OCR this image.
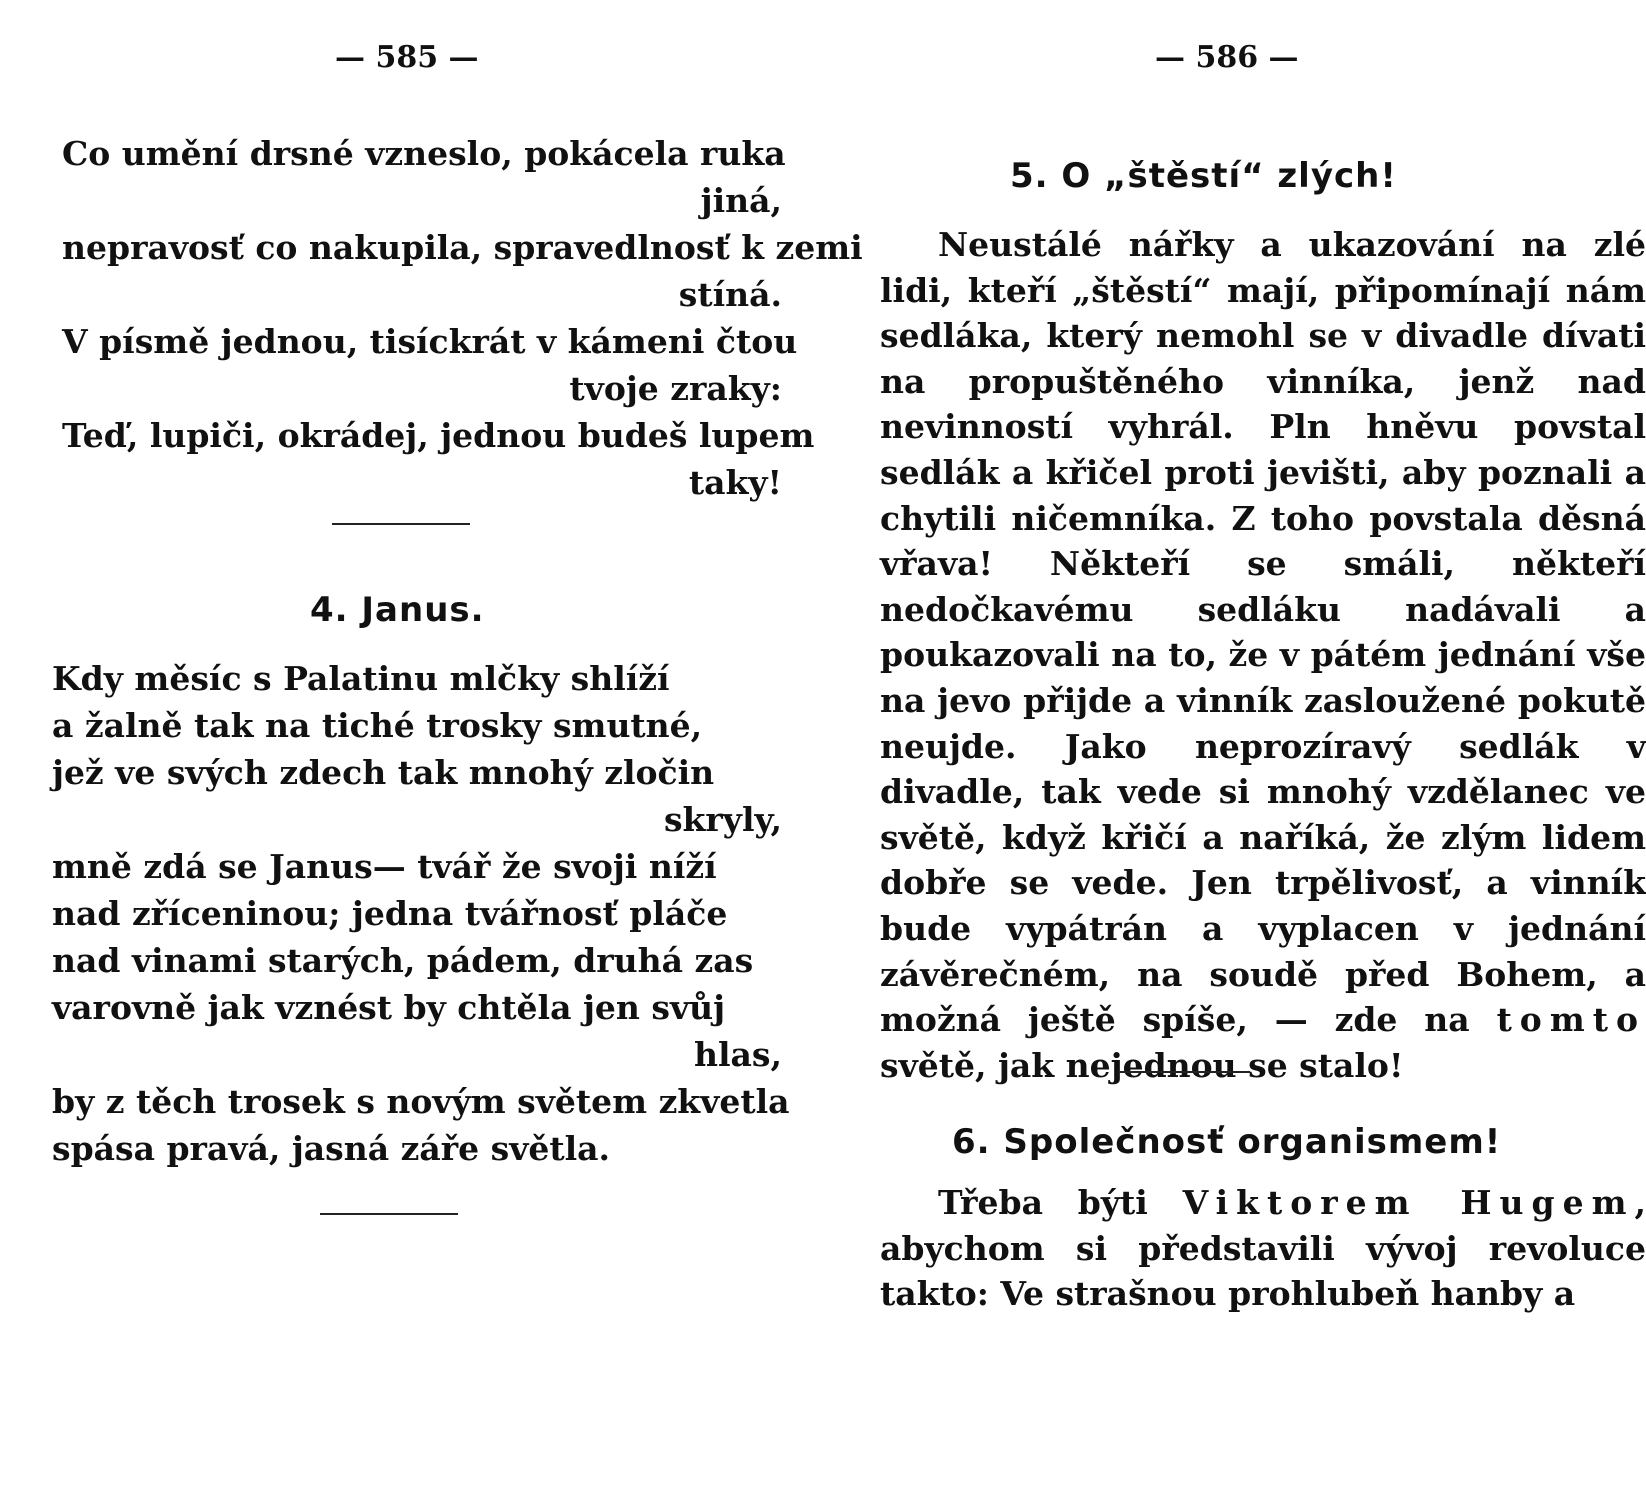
— 585 —
Co umění drsné vzneslo, pokácela ruka
jiná,
nepravosť co nakupila, spravedlnosť k zemi
stíná.
V písmě jednou, tisíckrát v kámeni čtou
tvoje zraky:
Teď, lupiči, okrádej, jednou budeš lupem
taky!
4. Janus.
Kdy měsíc s Palatinu mlčky shlíží
a žalně tak na tiché trosky smutné,
jež ve svých zdech tak mnohý zločin
skryly,
mně zdá se Janus— tvář že svoji níží
nad zříceninou; jedna tvářnosť pláče
nad vinami starých, pádem, druhá zas
varovně jak vznést by chtěla jen svůj
hlas,
by z těch trosek s novým světem zkvetla
spása pravá, jasná záře světla.
— 586 —
5. O „štěstí“ zlých!

Neustálé nářky a ukazování na zlé lidi, kteří „štěstí“ mají, připomínají nám sedláka, který nemohl se v divadle dívati na propuštěného vinníka, jenž nad nevinností vyhrál. Pln hněvu povstal sedlák a křičel proti jevišti, aby poznali a chytili ničemníka. Z toho povstala děsná vřava! Někteří se smáli, někteří nedočkavému sedláku nadávali a poukazovali na to, že v pátém jednání vše na jevo přijde a vinník zasloužené pokutě neujde. Jako neprozíravý sedlák v divadle, tak vede si mnohý vzdělanec ve světě, když křičí a naříká, že zlým lidem dobře se vede. Jen trpělivosť, a vinník bude vypátrán a vyplacen v jednání závěrečném, na soudě před Bohem, a možná ještě spíše, — zde na tomto světě, jak nejednou se stalo!

6. Společnosť organismem!

Třeba býti Viktorem Hugem, abychom si představili vývoj revoluce takto: Ve strašnou prohlubeň hanby a
